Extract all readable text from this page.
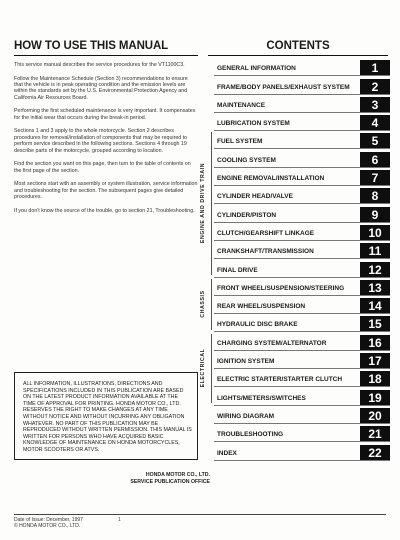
HOW TO USE THIS MANUAL	CONTENTS

This service manual describes the service procedures for the VT1100C3.

Follow the Maintenance Schedule (Section 3) recommendations to ensure that the vehicle is in peak operating condition and the emission levels are within the standards set by the U.S. Environmental Protection Agency and California Air Resources Board.

Performing the first scheduled maintenance is very important. It compensates for the initial wear that occurs during the break-in period.

Sections 1 and 3 apply to the whole motorcycle. Section 2 describes procedures for removal/installation of components that may be required to perform service described in the following sections. Sections 4 through 19 describe parts of the motorcycle, grouped according to location.

Find the section you want on this page, then turn to the table of contents on the first page of the section.

Most sections start with an assembly or system illustration, service information and troubleshooting for the section. The subsequent pages give detailed procedures.

If you don't know the source of the trouble, go to section 21, Troubleshooting.

ALL INFORMATION, ILLUSTRATIONS, DIRECTIONS AND SPECIFICATIONS INCLUDED IN THIS PUBLICATION ARE BASED ON THE LATEST PRODUCT INFORMATION AVAILABLE AT THE TIME OF APPROVAL FOR PRINTING. HONDA MOTOR CO., LTD. RESERVES THE RIGHT TO MAKE CHANGES AT ANY TIME WITHOUT NOTICE AND WITHOUT INCURRING ANY OBLIGATION WHATEVER. NO PART OF THIS PUBLICATION MAY BE REPRODUCED WITHOUT WRITTEN PERMISSION. THIS MANUAL IS WRITTEN FOR PERSONS WHO HAVE ACQUIRED BASIC KNOWLEDGE OF MAINTENANCE ON HONDA MOTORCYCLES, MOTOR SCOOTERS OR ATVS.
HONDA MOTOR CO., LTD.
SERVICE PUBLICATION OFFICE
Date of Issue: December, 1997
© HONDA MOTOR CO., LTD.
1
ENGINE AND DRIVE TRAIN
CHASSIS
ELECTRICAL
GENERAL INFORMATION	1
FRAME/BODY PANELS/EXHAUST SYSTEM	2
MAINTENANCE	3
LUBRICATION SYSTEM	4
FUEL SYSTEM	5
COOLING SYSTEM	6
ENGINE REMOVAL/INSTALLATION	7
CYLINDER HEAD/VALVE	8
CYLINDER/PISTON	9
CLUTCH/GEARSHIFT LINKAGE	10
CRANKSHAFT/TRANSMISSION	11
FINAL DRIVE	12
FRONT WHEEL/SUSPENSION/STEERING	13
REAR WHEEL/SUSPENSION	14
HYDRAULIC DISC BRAKE	15
CHARGING SYSTEM/ALTERNATOR	16
IGNITION SYSTEM	17
ELECTRIC STARTER/STARTER CLUTCH	18
LIGHTS/METERS/SWITCHES	19
WIRING DIAGRAM	20
TROUBLESHOOTING	21
INDEX	22
